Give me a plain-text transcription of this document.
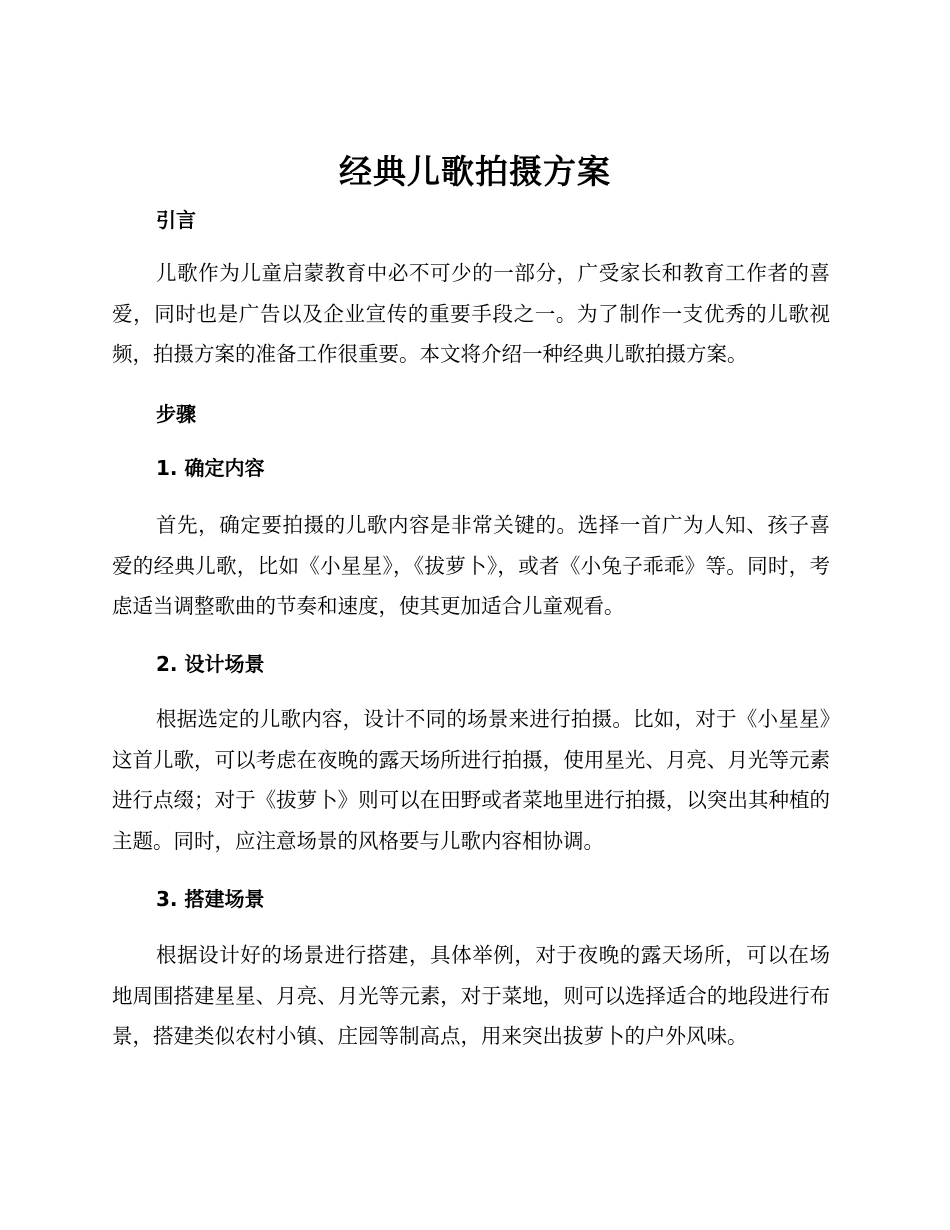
经典儿歌拍摄方案
引言
儿歌作为儿童启蒙教育中必不可少的一部分，广受家长和教育工作者的喜爱，同时也是广告以及企业宣传的重要手段之一。为了制作一支优秀的儿歌视频，拍摄方案的准备工作很重要。本文将介绍一种经典儿歌拍摄方案。
步骤
1. 确定内容
首先，确定要拍摄的儿歌内容是非常关键的。选择一首广为人知、孩子喜爱的经典儿歌，比如《小星星》，《拔萝卜》，或者《小兔子乖乖》等。同时，考虑适当调整歌曲的节奏和速度，使其更加适合儿童观看。
2. 设计场景
根据选定的儿歌内容，设计不同的场景来进行拍摄。比如，对于《小星星》这首儿歌，可以考虑在夜晚的露天场所进行拍摄，使用星光、月亮、月光等元素进行点缀；对于《拔萝卜》则可以在田野或者菜地里进行拍摄，以突出其种植的主题。同时，应注意场景的风格要与儿歌内容相协调。
3. 搭建场景
根据设计好的场景进行搭建，具体举例，对于夜晚的露天场所，可以在场地周围搭建星星、月亮、月光等元素，对于菜地，则可以选择适合的地段进行布景，搭建类似农村小镇、庄园等制高点，用来突出拔萝卜的户外风味。
